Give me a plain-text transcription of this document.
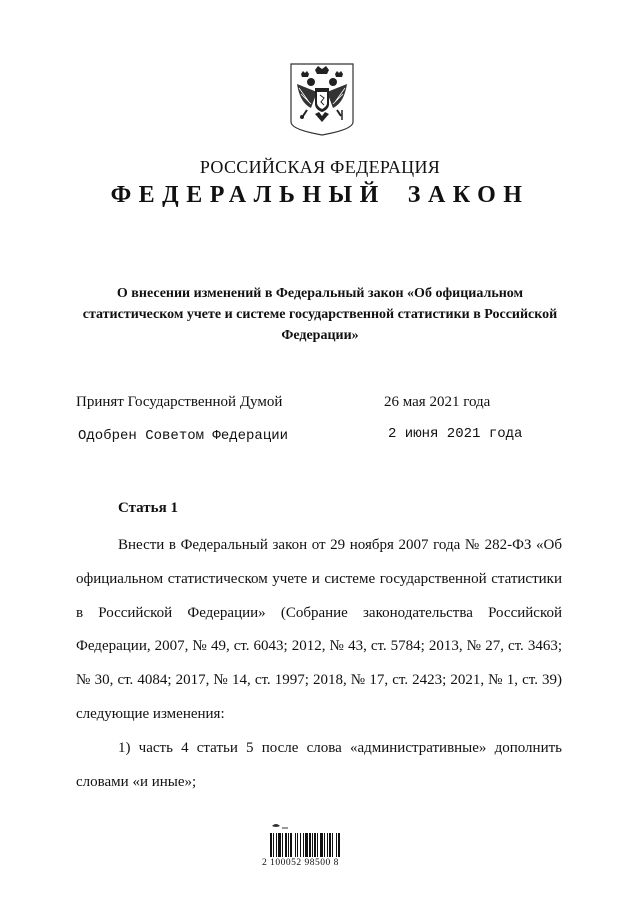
РОССИЙСКАЯ ФЕДЕРАЦИЯ
ФЕДЕРАЛЬНЫЙ ЗАКОН
О внесении изменений в Федеральный закон «Об официальном статистическом учете и системе государственной статистики в Российской Федерации»
Принят Государственной Думой	26 мая 2021 года
Одобрен Советом Федерации	2 июня 2021 года
Статья 1

Внести в Федеральный закон от 29 ноября 2007 года № 282-ФЗ «Об официальном статистическом учете и системе государственной статистики в Российской Федерации» (Собрание законодательства Российской Федерации, 2007, № 49, ст. 6043; 2012, № 43, ст. 5784; 2013, № 27, ст. 3463; № 30, ст. 4084; 2017, № 14, ст. 1997; 2018, № 17, ст. 2423; 2021, № 1, ст. 39) следующие изменения:

1) часть 4 статьи 5 после слова «административные» дополнить словами «и иные»;

2 100052 98500 8
